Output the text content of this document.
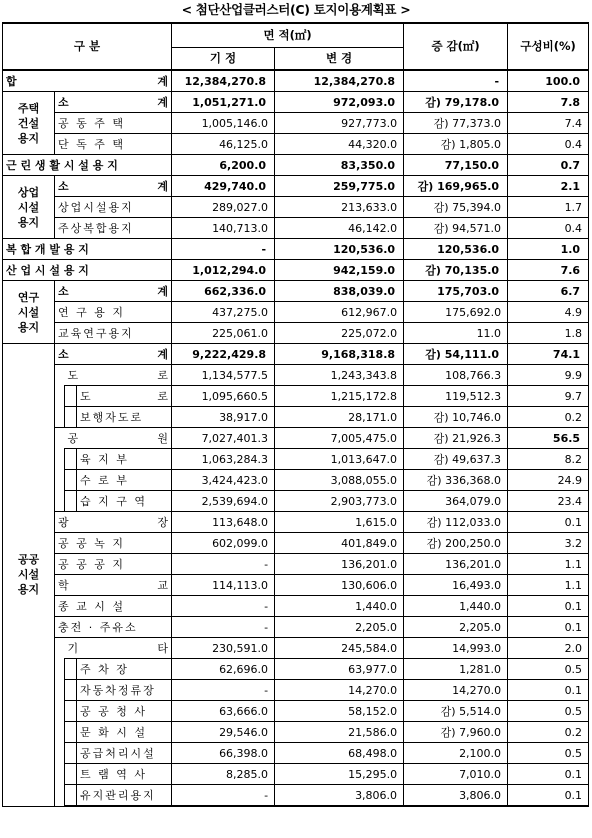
< 첨단산업클러스터(C) 토지이용계획표 >
구 분				면 적(㎡)		증 감(㎡)	구성비(%)
				기 정	변 경		

합 계				12,384,270.8	12,384,270.8	-	100.0
주택
건설
용지	소 계			1,051,271.0	972,093.0	감) 79,178.0	7.8
	공 동 주 택			1,005,146.0	927,773.0	감) 77,373.0	7.4
	단 독 주 택			46,125.0	44,320.0	감) 1,805.0	0.4
근 린 생 활 시 설 용 지				6,200.0	83,350.0	77,150.0	0.7
상업
시설
용지	소 계			429,740.0	259,775.0	감) 169,965.0	2.1
	상업시설용지			289,027.0	213,633.0	감) 75,394.0	1.7
	주상복합용지			140,713.0	46,142.0	감) 94,571.0	0.4
복 합 개 발 용 지				-	120,536.0	120,536.0	1.0
산 업 시 설 용 지				1,012,294.0	942,159.0	감) 70,135.0	7.6
연구
시설
용지	소 계			662,336.0	838,039.0	175,703.0	6.7
	연 구 용 지			437,275.0	612,967.0	175,692.0	4.9
	교육연구용지			225,061.0	225,072.0	11.0	1.8
공공
시설
용지	소 계			9,222,429.8	9,168,318.8	감) 54,111.0	74.1

		도 로		1,134,577.5	1,243,343.8	108,766.3	9.9

			도 로	1,095,660.5	1,215,172.8	119,512.3	9.7
			보행자도로	38,917.0	28,171.0	감) 10,746.0	0.2

		공 원		7,027,401.3	7,005,475.0	감) 21,926.3	56.5
			육 지 부	1,063,284.3	1,013,647.0	감) 49,637.3	8.2
			수 로 부	3,424,423.0	3,088,055.0	감) 336,368.0	24.9
			습 지 구 역	2,539,694.0	2,903,773.0	364,079.0	23.4

	광 장			113,648.0	1,615.0	감) 112,033.0	0.1
	공 공 녹 지			602,099.0	401,849.0	감) 200,250.0	3.2
	공 공 공 지			-	136,201.0	136,201.0	1.1

	학 교			114,113.0	130,606.0	16,493.0	1.1
	종 교 시 설			-	1,440.0	1,440.0	0.1
	충전 · 주유소			-	2,205.0	2,205.0	0.1

		기 타		230,591.0	245,584.0	14,993.0	2.0
			주 차 장	62,696.0	63,977.0	1,281.0	0.5
			자동차정류장	-	14,270.0	14,270.0	0.1
			공 공 청 사	63,666.0	58,152.0	감) 5,514.0	0.5
			문 화 시 설	29,546.0	21,586.0	감) 7,960.0	0.2
			공급처리시설	66,398.0	68,498.0	2,100.0	0.5
			트 램 역 사	8,285.0	15,295.0	7,010.0	0.1
			유지관리용지	-	3,806.0	3,806.0	0.1
